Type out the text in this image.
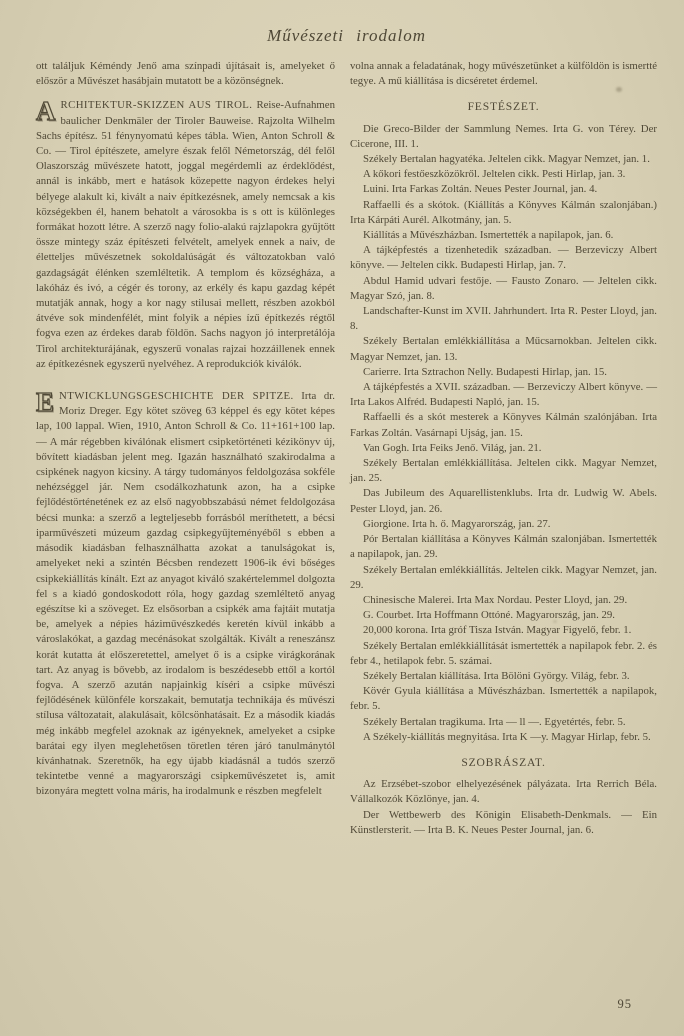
Művészeti irodalom

ott találjuk Kéméndy Jenő ama színpadi újításait is, amelyeket ő először a Művészet hasábjain mutatott be a közönségnek.

ARCHITEKTUR-SKIZZEN AUS TIROL. Reise-Aufnahmen baulicher Denkmäler der Tiroler Bauweise. Rajzolta Wilhelm Sachs építész. 51 fénynyomatú képes tábla. Wien, Anton Schroll & Co. — Tirol építészete, amelyre észak felől Németország, dél felől Olaszország művészete hatott, joggal megérdemli az érdeklődést, annál is inkább, mert e hatások közepette nagyon érdekes helyi bélyege alakult ki, kivált a naiv építkezésnek, amely nemcsak a kis községekben él, hanem behatolt a városokba is s ott is különleges formákat hozott létre. A szerző nagy folio-alakú rajzlapokra gyűjtött össze mintegy száz építészeti felvételt, amelyek ennek a naiv, de életteljes művészetnek sokoldalúságát és változatokban való gazdagságát élénken szemléltetik. A templom és községháza, a lakóház és ivó, a cégér és torony, az erkély és kapu gazdag képét mutatják annak, hogy a kor nagy stilusai mellett, részben azokból átvéve sok mindenfélét, mint folyik a népies ízű építkezés régtől fogva ezen az érdekes darab földön. Sachs nagyon jó interpretálója Tirol architekturájának, egyszerű vonalas rajzai hozzáillenek ennek az építkezésnek egyszerű nyelvéhez. A reprodukciók kiválók.

ENTWICKLUNGSGESCHICHTE DER SPITZE. Irta dr. Moriz Dreger. Egy kötet szöveg 63 képpel és egy kötet képes lap, 100 lappal. Wien, 1910, Anton Schroll & Co. 11+161+100 lap. — A már régebben kiválónak elismert csipketörténeti kézikönyv új, bővített kiadásban jelent meg. Igazán használható szakirodalma a csipkének nagyon kicsiny. A tárgy tudományos feldolgozása sokféle nehézséggel jár. Nem csodálkozhatunk azon, ha a csipke fejlődéstörténetének ez az első nagyobbszabású német feldolgozása bécsi munka: a szerző a legteljesebb forrásból meríthetett, a bécsi iparművészeti múzeum gazdag csipkegyűjteményéből s ebben a második kiadásban felhasználhatta azokat a tanulságokat is, amelyeket neki a szintén Bécsben rendezett 1906-ik évi bőséges csipkekiállítás kínált. Ezt az anyagot kiváló szakértelemmel dolgozta fel s a kiadó gondoskodott róla, hogy gazdag szemléltető anyag egészítse ki a szöveget. Ez elsősorban a csipkék ama fajtáit mutatja be, amelyek a népies háziművészkedés keretén kívül inkább a városlakókat, a gazdag mecénásokat szolgálták. Kivált a reneszánsz korát kutatta át előszeretettel, amelyet ő is a csipke virágkorának tart. Az anyag is bővebb, az irodalom is beszédesebb ettől a kortól fogva. A szerző azután napjainkig kíséri a csipke művészi fejlődésének különféle korszakait, bemutatja technikája és művészi stílusa változatait, alakulásait, kölcsönhatásait. Ez a második kiadás még inkább megfelel azoknak az igényeknek, amelyeket a csipke barátai egy ilyen meglehetősen töretlen téren járó tanulmánytól kívánhatnak. Szeretnők, ha egy újabb kiadásnál a tudós szerző tekintetbe venné a magyarországi csipkeművészetet is, amit bizonyára megtett volna máris, ha irodalmunk e részben megfelelt

volna annak a feladatának, hogy művészetünket a külföldön is ismertté tegye. A mű kiállítása is dicséretet érdemel.

FESTÉSZET.

Die Greco-Bilder der Sammlung Nemes. Irta G. von Térey. Der Cicerone, III. 1.

Székely Bertalan hagyatéka. Jeltelen cikk. Magyar Nemzet, jan. 1.

A kőkori festőeszközökről. Jeltelen cikk. Pesti Hirlap, jan. 3.

Luini. Irta Farkas Zoltán. Neues Pester Journal, jan. 4.

Raffaelli és a skótok. (Kiállítás a Könyves Kálmán szalonjában.) Irta Kárpáti Aurél. Alkotmány, jan. 5.

Kiállítás a Művészházban. Ismertették a napilapok, jan. 6.

A tájképfestés a tizenhetedik században. — Berzeviczy Albert könyve. — Jeltelen cikk. Budapesti Hirlap, jan. 7.

Abdul Hamid udvari festője. — Fausto Zonaro. — Jeltelen cikk. Magyar Szó, jan. 8.

Landschafter-Kunst im XVII. Jahrhundert. Irta R. Pester Lloyd, jan. 8.

Székely Bertalan emlékkiállítása a Műcsarnokban. Jeltelen cikk. Magyar Nemzet, jan. 13.

Carierre. Irta Sztrachon Nelly. Budapesti Hirlap, jan. 15.

A tájképfestés a XVII. században. — Berzeviczy Albert könyve. — Irta Lakos Alfréd. Budapesti Napló, jan. 15.

Raffaelli és a skót mesterek a Könyves Kálmán szalónjában. Irta Farkas Zoltán. Vasárnapi Ujság, jan. 15.

Van Gogh. Irta Feiks Jenő. Világ, jan. 21.

Székely Bertalan emlékkiállítása. Jeltelen cikk. Magyar Nemzet, jan. 25.

Das Jubileum des Aquarellistenklubs. Irta dr. Ludwig W. Abels. Pester Lloyd, jan. 26.

Giorgione. Irta h. ő. Magyarország, jan. 27.

Pór Bertalan kiállítása a Könyves Kálmán szalonjában. Ismertették a napilapok, jan. 29.

Székely Bertalan emlékkiállítás. Jeltelen cikk. Magyar Nemzet, jan. 29.

Chinesische Malerei. Irta Max Nordau. Pester Lloyd, jan. 29.

G. Courbet. Irta Hoffmann Ottóné. Magyarország, jan. 29.

20,000 korona. Irta gróf Tisza István. Magyar Figyelő, febr. 1.

Székely Bertalan emlékkiállítását ismertették a napilapok febr. 2. és febr 4., hetilapok febr. 5. számai.

Székely Bertalan kiállítása. Irta Bölöni György. Világ, febr. 3.

Kövér Gyula kiállítása a Művészházban. Ismertették a napilapok, febr. 5.

Székely Bertalan tragikuma. Irta — ll —. Egyetértés, febr. 5.

A Székely-kiállítás megnyitása. Irta K —y. Magyar Hirlap, febr. 5.

SZOBRÁSZAT.

Az Erzsébet-szobor elhelyezésének pályázata. Irta Rerrich Béla. Vállalkozók Közlönye, jan. 4.

Der Wettbewerb des Königin Elisabeth-Denkmals. — Ein Künstlersterit. — Irta B. K. Neues Pester Journal, jan. 6.

95
